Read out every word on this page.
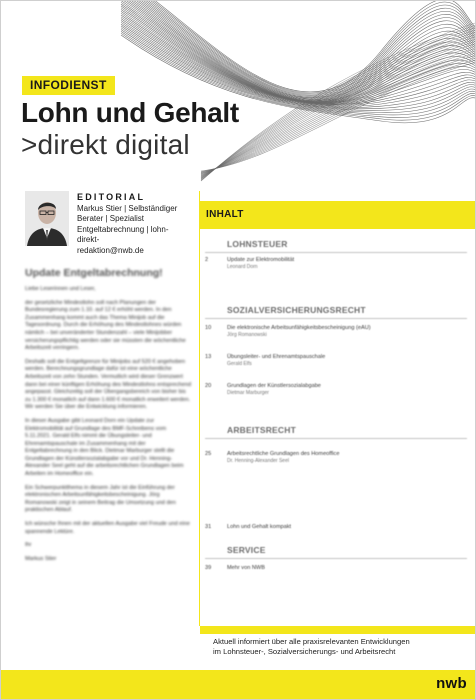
INFODIENST
Lohn und Gehalt
>direkt digital
EDITORIAL
Markus Stier | Selbständiger
Berater | Spezialist
Entgeltabrechnung | lohn-direkt-
redaktion@nwb.de
Update Entgeltabrechnung!
Liebe Leserinnen und Leser,
der gesetzliche Mindestlohn soll nach Planungen der Bundesregierung zum 1.10. auf 12 € erhöht werden. In den Zusammenhang kommt auch das Thema Minijob auf die Tagesordnung. Durch die Erhöhung des Mindestlohnes würden nämlich – bei unveränderter Stundenzahl – viele Minijobber versicherungspflichtig werden oder sie müssten die wöchentliche Arbeitszeit verringern.
Deshalb soll die Entgeltgrenze für Minijobs auf 520 € angehoben werden. Berechnungsgrundlage dafür ist eine wöchentliche Arbeitszeit von zehn Stunden. Vermutlich wird dieser Grenzwert dann bei einer künftigen Erhöhung des Mindestlohns entsprechend angepasst. Gleichzeitig soll der Übergangsbereich von bisher bis zu 1.300 € monatlich auf dann 1.600 € monatlich erweitert werden. Wir werden Sie über die Entwicklung informieren.
In dieser Ausgabe gibt Leonard Dorn ein Update zur Elektromobilität auf Grundlage des BMF-Schreibens vom 5.11.2021. Gerald Elfs nimmt die Übungsleiter- und Ehrenamtspauschale im Zusammenhang mit der Entgeltabrechnung in den Blick. Dietmar Marburger stellt die Grundlagen der Künstlersozialabgabe vor und Dr. Henning-Alexander Seel geht auf die arbeitsrechtlichen Grundlagen beim Arbeiten im Homeoffice ein.
Ein Schwerpunktthema in diesem Jahr ist die Einführung der elektronischen Arbeitsunfähigkeitsbescheinigung. Jörg Romanowski zeigt in seinem Beitrag die Umsetzung und den praktischen Ablauf.
Ich wünsche Ihnen mit der aktuellen Ausgabe viel Freude und eine spannende Lektüre.
Ihr
Markus Stier
INHALT
LOHNSTEUER
2	Update zur Elektromobilität
Leonard Dorn
SOZIALVERSICHERUNGSRECHT
10	Die elektronische Arbeitsunfähigkeitsbescheinigung (eAU)
Jörg Romanowski
13	Übungsleiter- und Ehrenamtspauschale
Gerald Elfs
20	Grundlagen der Künstlersozialabgabe
Dietmar Marburger
ARBEITSRECHT
25	Arbeitsrechtliche Grundlagen des Homeoffice
Dr. Henning-Alexander Seel
31	Lohn und Gehalt kompakt
SERVICE
39	Mehr von NWB
Aktuell informiert über alle praxisrelevanten Entwicklungen
im Lohnsteuer-, Sozialversicherungs- und Arbeitsrecht
nwb
